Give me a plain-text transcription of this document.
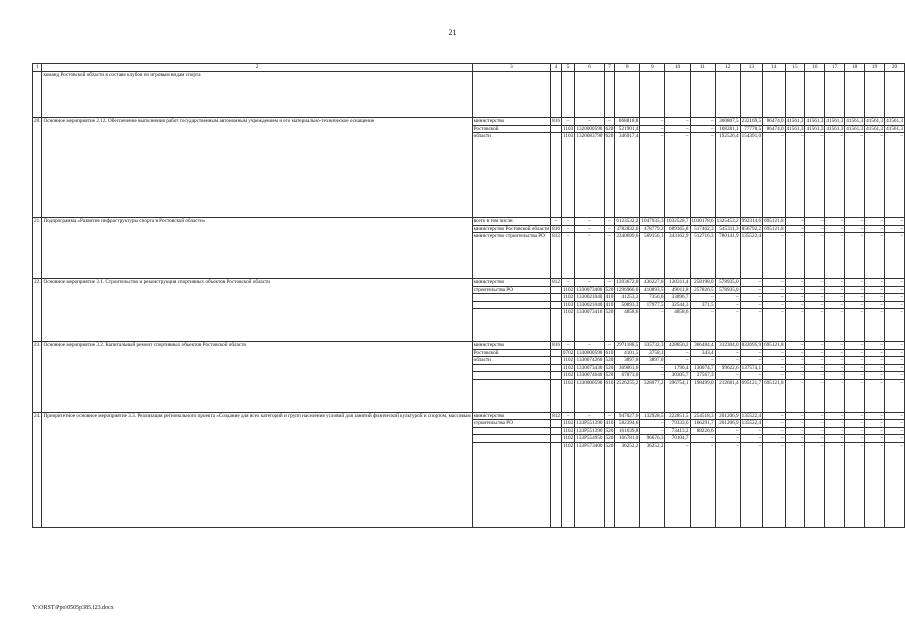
21
1	2	3	4	5	6	7	8	9	10	11	12	13	14	15	16	17	18	19	20
	команд Ростовской области в составе клубов по игровым видам спорта																		
20.	Основное мероприятие 2.12. Обеспечение выполнения работ государственным автономным учреждением и его материально-техническое оснащение	министерство	816	–	–	–	868818,8	–	–	–	300807,5	232169,5	86474,0	41561,3	41561,3	41561,3	41561,3	41561,3	41561,3
		Ростовской		1103	1320000590	620	521901,4	–	–	–	108281,1	77778,5	86474,0	41561,3	41561,3	41561,3	41561,3	41561,3	41561,3
		области		1103	1320083790	620	346917,4	–	–	–	192526,4	154391,0	–	–	–	–	–	–	–
21.	Подпрограмма «Развитие инфраструктуры спорта в Ростовской области»	всего в том числе:	–	–	–	–	6123532,2	1047935,3	1032528,7	1030178,6	1325453,2	992314,6	695121,8	–	–	–	–	–	–
		министерство Ростовской области	816	–	–	–	3782832,6	478779,2	689365,8	517462,3	545311,3	856792,2	695121,8	–	–	–	–	–	–
		министерство строительства РО	812	–	–	–	2340699,6	569156,1	343162,9	512716,3	780141,9	135522,4	–	–	–	–	–	–	–
22.	Основное мероприятие 3.1. Строительство и реконструкция спортивных объектов Ростовской области	министерство	812	–	–	–	1393672,0	436227,6	120311,4	258198,0	578935,0	–	–	–	–	–	–	–	–
		строительства РО		1102	1330073400	520	1296966,6	410893,5	49011,8	257826,5	578935,0	–	–	–	–	–	–	–	–
				1102	1330021040	410	41253,3	7356,6	33896,7	–	–	–	–	–	–	–	–	–	–
				1103	1330021040	410	50893,3	17977,5	32544,3	371,5	–	–	–	–	–	–	–	–	–
				1102	1330073410	520	4858,6	–	4858,6	–	–	–	–	–	–	–	–	–	–
23.	Основное мероприятие 3.2. Капитальный ремонт спортивных объектов Ростовской области	министерство	816	–	–	–	2971188,5	335732,3	428850,2	366484,4	312304,0	832695,9	695121,8	–	–	–	–	–	–
		Ростовской		0702	1330000590	610	4101,5	3758,1	–	343,4	–	–	–	–	–	–	–	–	–
		области		1102	1330074260	520	3897,0	3897,0	–	–	–	–	–	–	–	–	–	–	–
				1102	1330073430	520	369061,6	–	1790,4	130074,7	99622,6	137574,1	–	–	–	–	–	–	–
				1102	1330074640	520	67873,0	–	30305,7	37567,3	–	–	–	–	–	–	–	–	–
				1102	1330000590	610	2526255,2	328077,2	396754,1	198499,0	212681,4	695121,7	695121,8	–	–	–	–	–	–
24.	Приоритетное основное мероприятие 3.3. Реализация регионального проекта «Создание для всех категорий и групп населения условий для занятий физической культурой и спортом, массовым	министерство	812	–	–	–	947027,6	132928,5	222851,5	254518,3	201206,9	135522,4	–	–	–	–	–	–	–
		строительства РО		1102	133P551390	410	582394,6	–	79333,6	166291,7	201206,9	135522,4	–	–	–	–	–	–	–
				1102	133P551390	520	161639,8	–	73413,2	88226,6	–	–	–	–	–	–	–	–	–
				1102	133P554950	520	166781,0	96676,3	70104,7	–	–	–	–	–	–	–	–	–	–
				1102	133P573400	520	36252,2	36252,2	–	–	–	–	–	–	–	–	–	–	–
Y:\ORST\Ppo\0505p385.f23.docx
